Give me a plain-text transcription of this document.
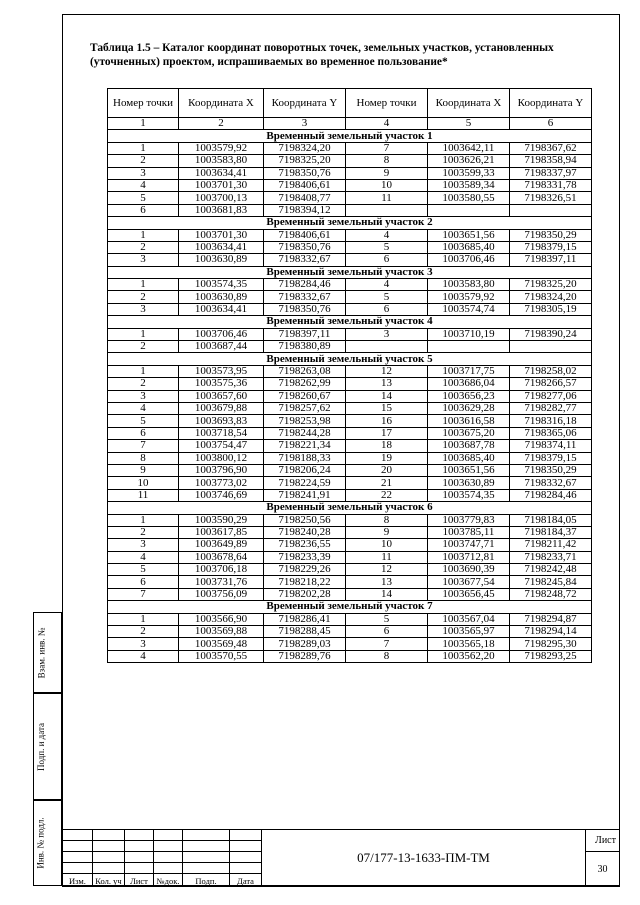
Таблица 1.5 – Каталог координат поворотных точек, земельных участков, установленных (уточненных) проектом, испрашиваемых во временное пользование*
Номер точки	Координата X	Координата Y	Номер точки	Координата X	Координата Y
1	2	3	4	5	6
Временный земельный участок 1					
1	1003579,92	7198324,20	7	1003642,11	7198367,62
2	1003583,80	7198325,20	8	1003626,21	7198358,94
3	1003634,41	7198350,76	9	1003599,33	7198337,97
4	1003701,30	7198406,61	10	1003589,34	7198331,78
5	1003700,13	7198408,77	11	1003580,55	7198326,51
6	1003681,83	7198394,12			
Временный земельный участок 2					
1	1003701,30	7198406,61	4	1003651,56	7198350,29
2	1003634,41	7198350,76	5	1003685,40	7198379,15
3	1003630,89	7198332,67	6	1003706,46	7198397,11
Временный земельный участок 3					
1	1003574,35	7198284,46	4	1003583,80	7198325,20
2	1003630,89	7198332,67	5	1003579,92	7198324,20
3	1003634,41	7198350,76	6	1003574,74	7198305,19
Временный земельный участок 4					
1	1003706,46	7198397,11	3	1003710,19	7198390,24
2	1003687,44	7198380,89			
Временный земельный участок 5					
1	1003573,95	7198263,08	12	1003717,75	7198258,02
2	1003575,36	7198262,99	13	1003686,04	7198266,57
3	1003657,60	7198260,67	14	1003656,23	7198277,06
4	1003679,88	7198257,62	15	1003629,28	7198282,77
5	1003693,83	7198253,98	16	1003616,58	7198316,18
6	1003718,54	7198244,28	17	1003675,20	7198365,06
7	1003754,47	7198221,34	18	1003687,78	7198374,11
8	1003800,12	7198188,33	19	1003685,40	7198379,15
9	1003796,90	7198206,24	20	1003651,56	7198350,29
10	1003773,02	7198224,59	21	1003630,89	7198332,67
11	1003746,69	7198241,91	22	1003574,35	7198284,46
Временный земельный участок 6					
1	1003590,29	7198250,56	8	1003779,83	7198184,05
2	1003617,85	7198240,28	9	1003785,11	7198184,37
3	1003649,89	7198236,55	10	1003747,71	7198211,42
4	1003678,64	7198233,39	11	1003712,81	7198233,71
5	1003706,18	7198229,26	12	1003690,39	7198242,48
6	1003731,76	7198218,22	13	1003677,54	7198245,84
7	1003756,09	7198202,28	14	1003656,45	7198248,72
Временный земельный участок 7					
1	1003566,90	7198286,41	5	1003567,04	7198294,87
2	1003569,88	7198288,45	6	1003565,97	7198294,14
3	1003569,48	7198289,03	7	1003565,18	7198295,30
4	1003570,55	7198289,76	8	1003562,20	7198293,25
Взам. инв. №
Подп. и дата
Инв. № подл.
							07/177-13-1633-ПМ-ТМ	Лист

							30

Изм.	Кол. уч	Лист	№док.	Подп.	Дата		
